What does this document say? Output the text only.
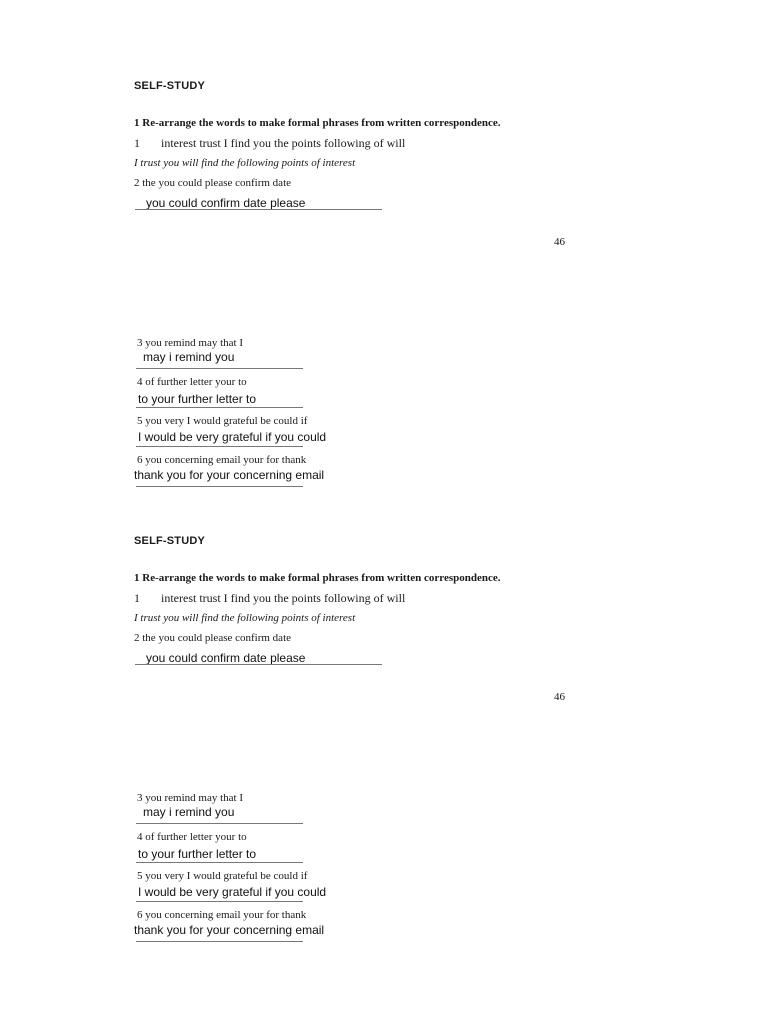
SELF-STUDY
1 Re-arrange the words to make formal phrases from written correspondence.
1 interest trust I find you the points following of will
I trust you will find the following points of interest
2 the you could please confirm date
you could confirm date please
46
3 you remind may that I
may i remind you
4 of further letter your to
to your further letter to
5 you very I would grateful be could if
I would be very grateful if you could
6 you concerning email your for thank
thank you for your concerning email
SELF-STUDY
1 Re-arrange the words to make formal phrases from written correspondence.
1 interest trust I find you the points following of will
I trust you will find the following points of interest
2 the you could please confirm date
you could confirm date please
46
3 you remind may that I
may i remind you
4 of further letter your to
to your further letter to
5 you very I would grateful be could if
I would be very grateful if you could
6 you concerning email your for thank
thank you for your concerning email
